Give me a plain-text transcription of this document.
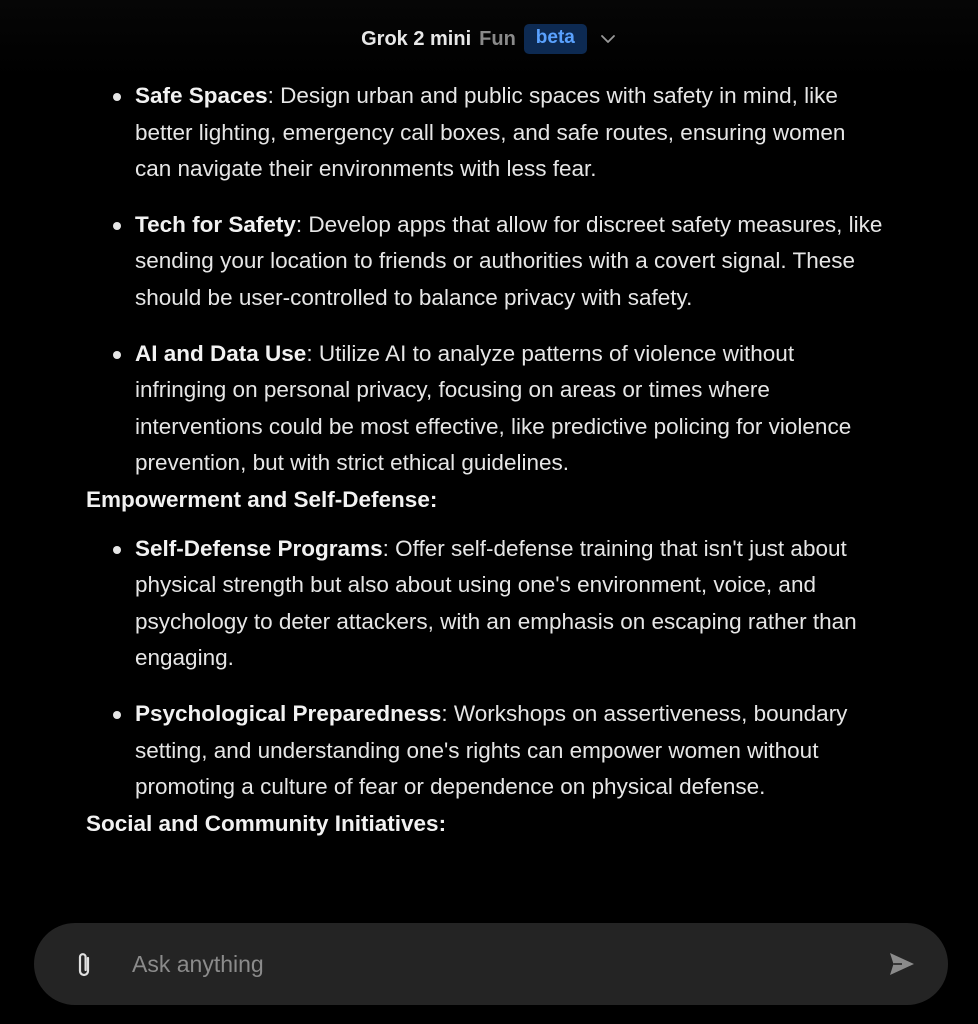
Grok 2 mini Fun	beta
Safe Spaces: Design urban and public spaces with safety in mind, like better lighting, emergency call boxes, and safe routes, ensuring women can navigate their environments with less fear.
Tech for Safety: Develop apps that allow for discreet safety measures, like sending your location to friends or authorities with a covert signal. These should be user-controlled to balance privacy with safety.
AI and Data Use: Utilize AI to analyze patterns of violence without infringing on personal privacy, focusing on areas or times where interventions could be most effective, like predictive policing for violence prevention, but with strict ethical guidelines.

Empowerment and Self-Defense:

Self-Defense Programs: Offer self-defense training that isn't just about physical strength but also about using one's environment, voice, and psychology to deter attackers, with an emphasis on escaping rather than engaging.
Psychological Preparedness: Workshops on assertiveness, boundary setting, and understanding one's rights can empower women without promoting a culture of fear or dependence on physical defense.

Social and Community Initiatives:

Ask anything
